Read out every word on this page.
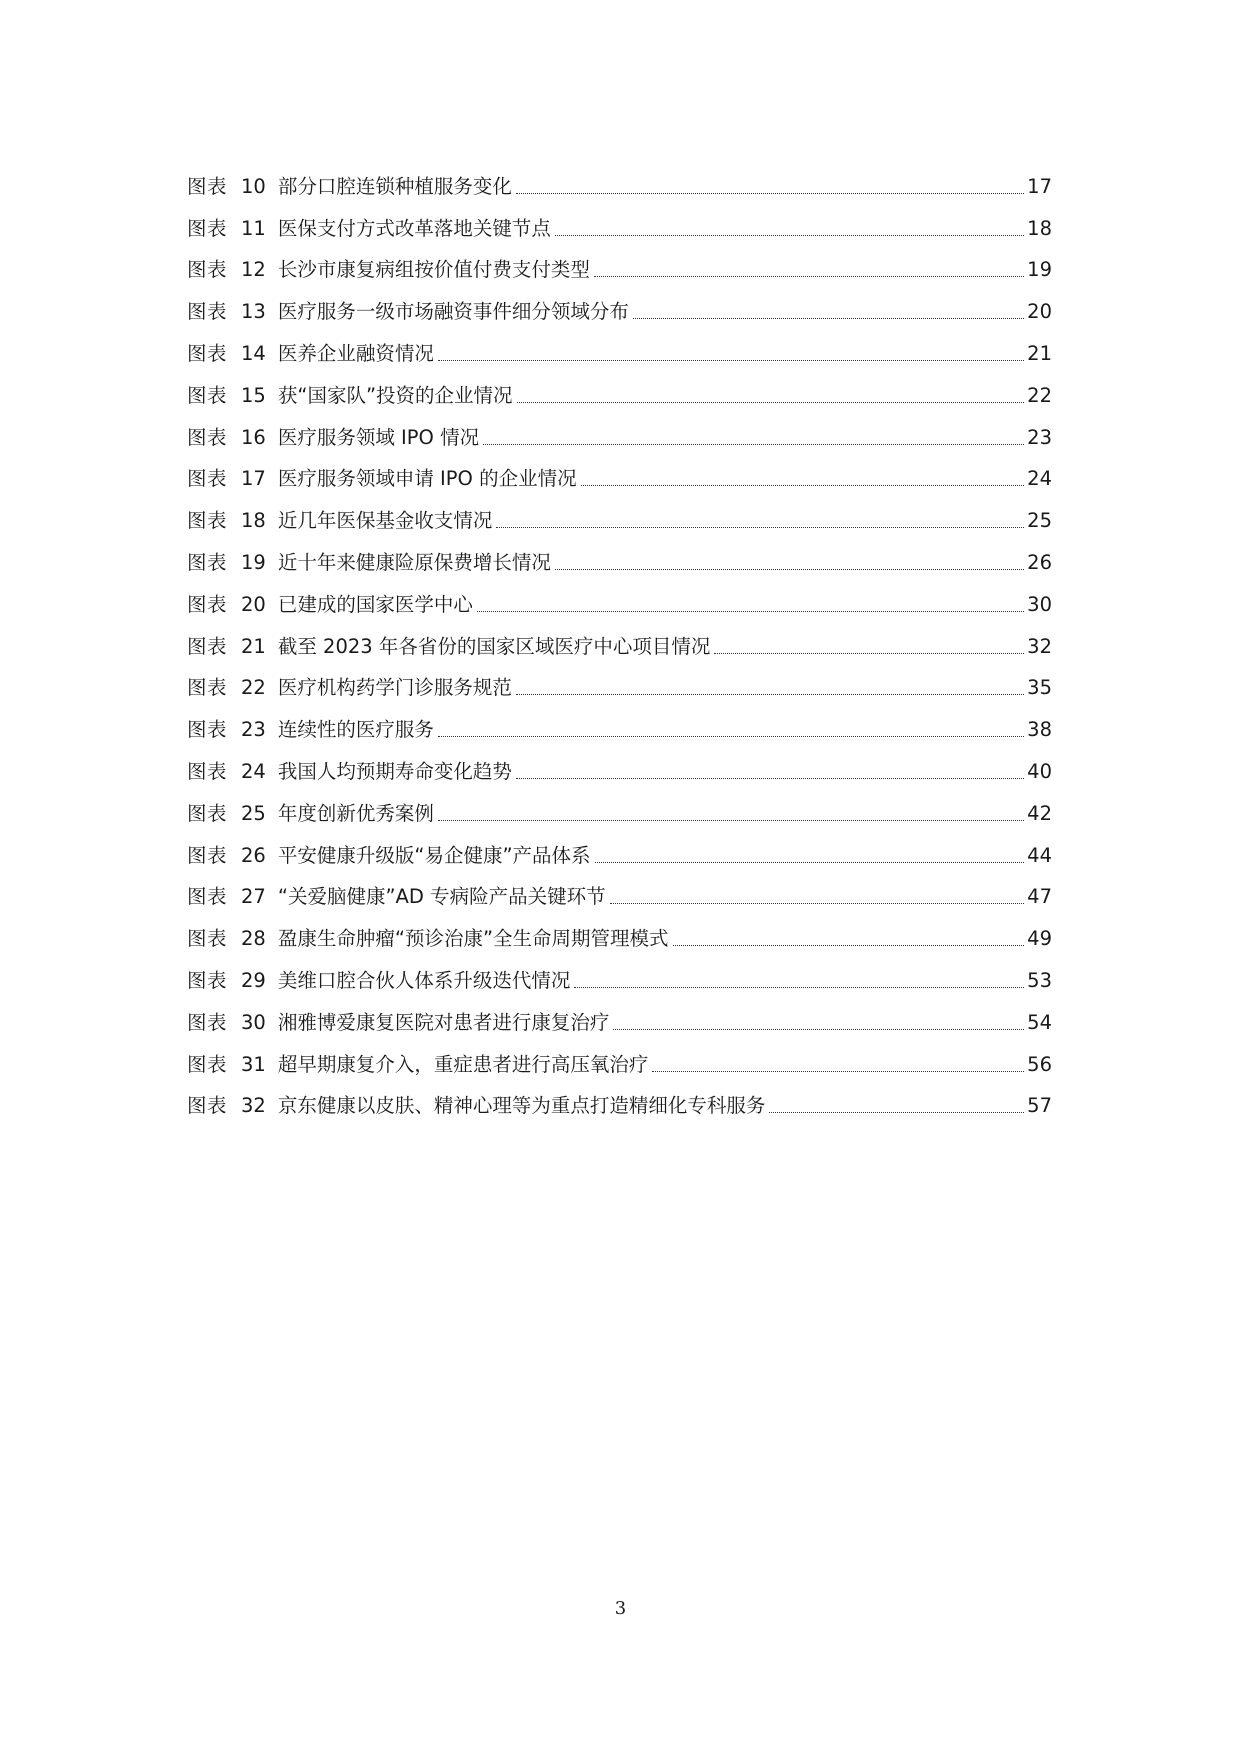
图表 10 部分口腔连锁种植服务变化	17
图表 11 医保支付方式改革落地关键节点	18
图表 12 长沙市康复病组按价值付费支付类型	19
图表 13 医疗服务一级市场融资事件细分领域分布	20
图表 14 医养企业融资情况	21
图表 15 获“国家队”投资的企业情况	22
图表 16 医疗服务领域 IPO 情况	23
图表 17 医疗服务领域申请 IPO 的企业情况	24
图表 18 近几年医保基金收支情况	25
图表 19 近十年来健康险原保费增长情况	26
图表 20 已建成的国家医学中心	30
图表 21 截至 2023 年各省份的国家区域医疗中心项目情况	32
图表 22 医疗机构药学门诊服务规范	35
图表 23 连续性的医疗服务	38
图表 24 我国人均预期寿命变化趋势	40
图表 25 年度创新优秀案例	42
图表 26 平安健康升级版“易企健康”产品体系	44
图表 27 “关爱脑健康”AD 专病险产品关键环节	47
图表 28 盈康生命肿瘤“预诊治康”全生命周期管理模式	49
图表 29 美维口腔合伙人体系升级迭代情况	53
图表 30 湘雅博爱康复医院对患者进行康复治疗	54
图表 31 超早期康复介入，重症患者进行高压氧治疗	56
图表 32 京东健康以皮肤、精神心理等为重点打造精细化专科服务	57
3
